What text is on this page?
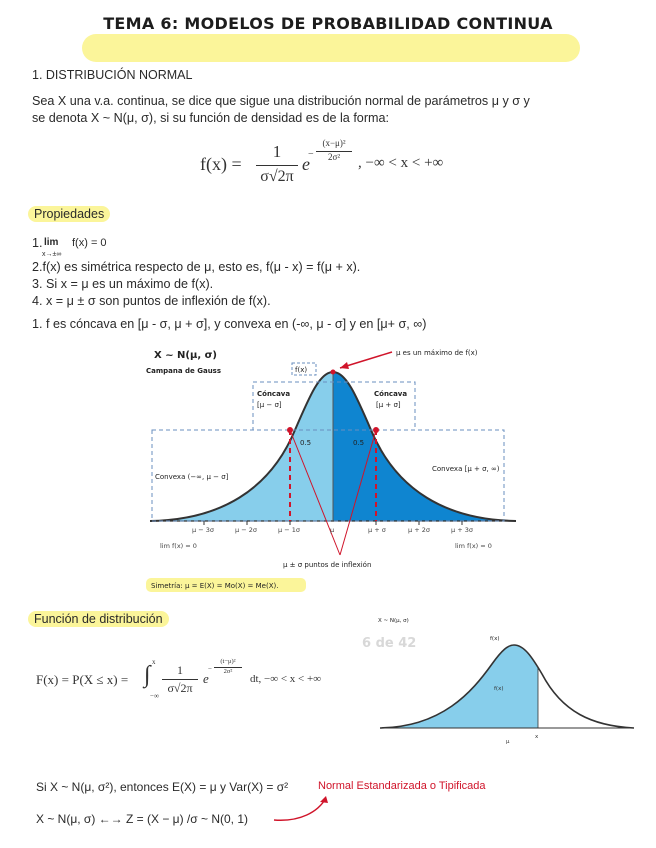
TEMA 6: MODELOS DE PROBABILIDAD CONTINUA
1. DISTRIBUCIÓN NORMAL
Sea X una v.a. continua, se dice que sigue una distribución normal de parámetros μ y σ y
se denota X ~ N(μ, σ), si su función de densidad es de la forma:
f(x) =
1
σ√2π
e
(x−μ)²
−	2σ²	, −∞ < x < +∞
Propiedades
1. lim
x→±∞
f(x) = 0
2.f(x) es simétrica respecto de μ, esto es, f(μ - x) = f(μ + x).
3. Si x = μ es un máximo de f(x).
4. x = μ ± σ son puntos de inflexión de f(x).
1. f es cóncava en [μ - σ, μ + σ], y convexa en (-∞, μ - σ] y en [μ+ σ, ∞)
X ~ N(μ, σ)
Campana de Gauss	f(x)
μ es un máximo de f(x)
Cóncava
[μ − σ]
Cóncava
[μ + σ]
0.5	0.5
Convexa (−∞, μ − σ]
Convexa [μ + σ, ∞)
μ − 3σ	μ − 2σ	μ − 1σ	μ	μ + σ	μ + 2σ	μ + 3σ
lim f(x) = 0	lim f(x) = 0
μ ± σ puntos de inflexión
Simetría: μ = E(X) = Mo(X) = Me(X).
Función de distribución
F(x) = P(X ≤ x) = ∫ x
−∞
1
σ√2π
e
(t−μ)²
−	2σ²
dt, −∞ < x < +∞
6 de 42
X ~ N(μ, σ)
f(x)
f(x)
μ
x
Si X ~ N(μ, σ²), entonces E(X) = μ y Var(X) = σ²	Normal Estandarizada o Tipificada
X ~ N(μ, σ) ←→ Z = (X − μ) /σ ~ N(0, 1)
